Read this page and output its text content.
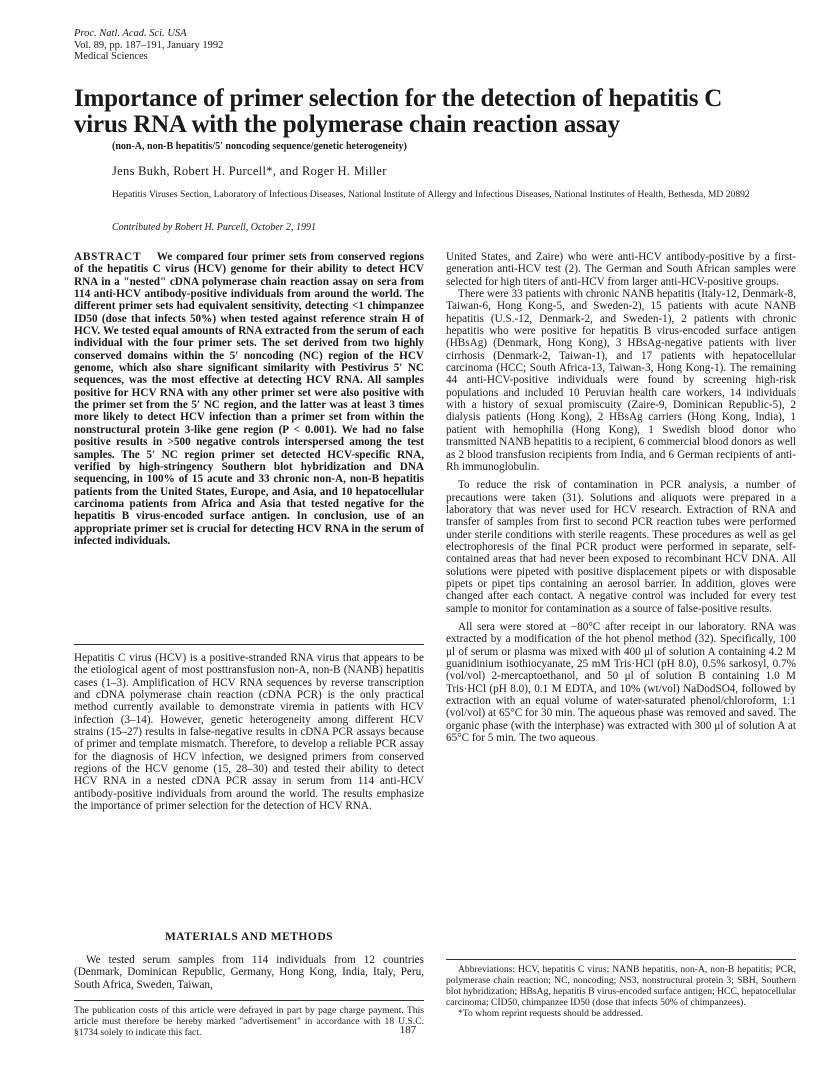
Proc. Natl. Acad. Sci. USA
Vol. 89, pp. 187–191, January 1992
Medical Sciences
Importance of primer selection for the detection of hepatitis C virus RNA with the polymerase chain reaction assay
(non-A, non-B hepatitis/5′ noncoding sequence/genetic heterogeneity)
Jens Bukh, Robert H. Purcell*, and Roger H. Miller
Hepatitis Viruses Section, Laboratory of Infectious Diseases, National Institute of Allergy and Infectious Diseases, National Institutes of Health, Bethesda, MD 20892
Contributed by Robert H. Purcell, October 2, 1991
ABSTRACT We compared four primer sets from conserved regions of the hepatitis C virus (HCV) genome for their ability to detect HCV RNA in a "nested" cDNA polymerase chain reaction assay on sera from 114 anti-HCV antibody-positive individuals from around the world. The different primer sets had equivalent sensitivity, detecting <1 chimpanzee ID50 (dose that infects 50%) when tested against reference strain H of HCV. We tested equal amounts of RNA extracted from the serum of each individual with the four primer sets. The set derived from two highly conserved domains within the 5′ noncoding (NC) region of the HCV genome, which also share significant similarity with Pestivirus 5′ NC sequences, was the most effective at detecting HCV RNA. All samples positive for HCV RNA with any other primer set were also positive with the primer set from the 5′ NC region, and the latter was at least 3 times more likely to detect HCV infection than a primer set from within the nonstructural protein 3-like gene region (P < 0.001). We had no false positive results in >500 negative controls interspersed among the test samples. The 5′ NC region primer set detected HCV-specific RNA, verified by high-stringency Southern blot hybridization and DNA sequencing, in 100% of 15 acute and 33 chronic non-A, non-B hepatitis patients from the United States, Europe, and Asia, and 10 hepatocellular carcinoma patients from Africa and Asia that tested negative for the hepatitis B virus-encoded surface antigen. In conclusion, use of an appropriate primer set is crucial for detecting HCV RNA in the serum of infected individuals.

Hepatitis C virus (HCV) is a positive-stranded RNA virus that appears to be the etiological agent of most posttransfusion non-A, non-B (NANB) hepatitis cases (1–3). Amplification of HCV RNA sequences by reverse transcription and cDNA polymerase chain reaction (cDNA PCR) is the only practical method currently available to demonstrate viremia in patients with HCV infection (3–14). However, genetic heterogeneity among different HCV strains (15–27) results in false-negative results in cDNA PCR assays because of primer and template mismatch. Therefore, to develop a reliable PCR assay for the diagnosis of HCV infection, we designed primers from conserved regions of the HCV genome (15, 28–30) and tested their ability to detect HCV RNA in a nested cDNA PCR assay in serum from 114 anti-HCV antibody-positive individuals from around the world. The results emphasize the importance of primer selection for the detection of HCV RNA.

MATERIALS AND METHODS

We tested serum samples from 114 individuals from 12 countries (Denmark, Dominican Republic, Germany, Hong Kong, India, Italy, Peru, South Africa, Sweden, Taiwan,

The publication costs of this article were defrayed in part by page charge payment. This article must therefore be hereby marked "advertisement" in accordance with 18 U.S.C. §1734 solely to indicate this fact.

United States, and Zaire) who were anti-HCV antibody-positive by a first-generation anti-HCV test (2). The German and South African samples were selected for high titers of anti-HCV from larger anti-HCV-positive groups.

There were 33 patients with chronic NANB hepatitis (Italy-12, Denmark-8, Taiwan-6, Hong Kong-5, and Sweden-2), 15 patients with acute NANB hepatitis (U.S.-12, Denmark-2, and Sweden-1), 2 patients with chronic hepatitis who were positive for hepatitis B virus-encoded surface antigen (HBsAg) (Denmark, Hong Kong), 3 HBsAg-negative patients with liver cirrhosis (Denmark-2, Taiwan-1), and 17 patients with hepatocellular carcinoma (HCC; South Africa-13, Taiwan-3, Hong Kong-1). The remaining 44 anti-HCV-positive individuals were found by screening high-risk populations and included 10 Peruvian health care workers, 14 individuals with a history of sexual promiscuity (Zaire-9, Dominican Republic-5), 2 dialysis patients (Hong Kong), 2 HBsAg carriers (Hong Kong, India), 1 patient with hemophilia (Hong Kong), 1 Swedish blood donor who transmitted NANB hepatitis to a recipient, 6 commercial blood donors as well as 2 blood transfusion recipients from India, and 6 German recipients of anti-Rh immunoglobulin.

To reduce the risk of contamination in PCR analysis, a number of precautions were taken (31). Solutions and aliquots were prepared in a laboratory that was never used for HCV research. Extraction of RNA and transfer of samples from first to second PCR reaction tubes were performed under sterile conditions with sterile reagents. These procedures as well as gel electrophoresis of the final PCR product were performed in separate, self-contained areas that had never been exposed to recombinant HCV DNA. All solutions were pipeted with positive displacement pipets or with disposable pipets or pipet tips containing an aerosol barrier. In addition, gloves were changed after each contact. A negative control was included for every test sample to monitor for contamination as a source of false-positive results.

All sera were stored at −80°C after receipt in our laboratory. RNA was extracted by a modification of the hot phenol method (32). Specifically, 100 μl of serum or plasma was mixed with 400 μl of solution A containing 4.2 M guanidinium isothiocyanate, 25 mM Tris·HCl (pH 8.0), 0.5% sarkosyl, 0.7% (vol/vol) 2-mercaptoethanol, and 50 μl of solution B containing 1.0 M Tris·HCl (pH 8.0), 0.1 M EDTA, and 10% (wt/vol) NaDodSO4, followed by extraction with an equal volume of water-saturated phenol/chloroform, 1:1 (vol/vol) at 65°C for 30 min. The aqueous phase was removed and saved. The organic phase (with the interphase) was extracted with 300 μl of solution A at 65°C for 5 min. The two aqueous

Abbreviations: HCV, hepatitis C virus; NANB hepatitis, non-A, non-B hepatitis; PCR, polymerase chain reaction; NC, noncoding; NS3, nonstructural protein 3; SBH, Southern blot hybridization; HBsAg, hepatitis B virus-encoded surface antigen; HCC, hepatocellular carcinoma; CID50, chimpanzee ID50 (dose that infects 50% of chimpanzees).

*To whom reprint requests should be addressed.

187
